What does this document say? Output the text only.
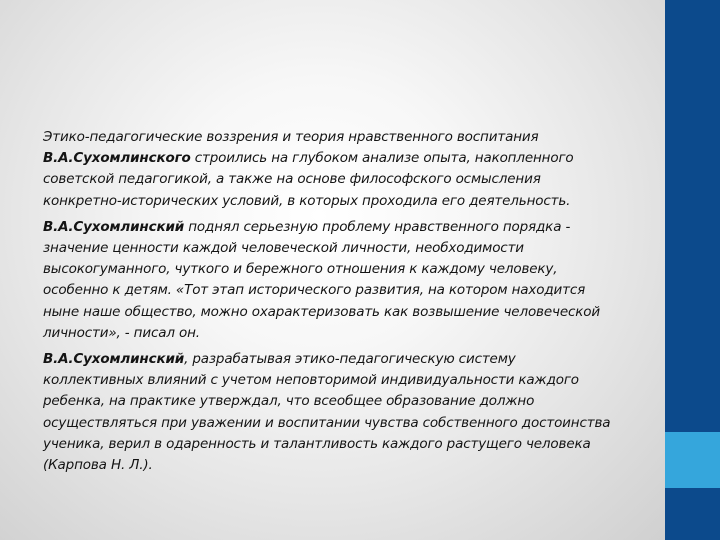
Этико-педагогические воззрения и теория нравственного воспитания В.А.Сухомлинского строились на глубоком анализе опыта, накопленного советской педагогикой, а также на основе философского осмысления конкретно-исторических условий, в которых проходила его деятельность.

В.А.Сухомлинский поднял серьезную проблему нравственного порядка - значение ценности каждой человеческой личности, необходимости высокогуманного, чуткого и бережного отношения к каждому человеку, особенно к детям. «Тот этап исторического развития, на котором находится ныне наше общество, можно охарактеризовать как возвышение человеческой личности», - писал он.

В.А.Сухомлинский, разрабатывая этико-педагогическую систему коллективных влияний с учетом неповторимой индивидуальности каждого ребенка, на практике утверждал, что всеобщее образование должно осуществляться при уважении и воспитании чувства собственного достоинства ученика, верил в одаренность и талантливость каждого растущего человека (Карпова Н. Л.).
